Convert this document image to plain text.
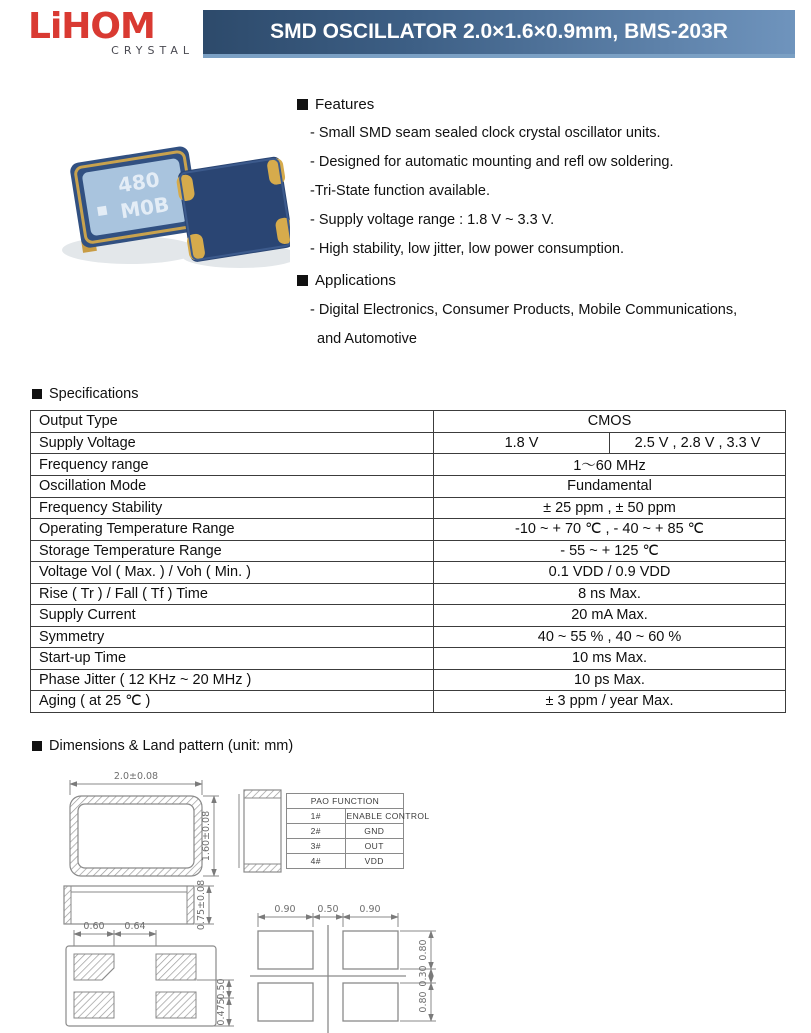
LiHOM
CRYSTAL
SMD OSCILLATOR 2.0×1.6×0.9mm, BMS-203R
480
M0B
Features
- Small SMD seam sealed clock crystal oscillator units.
- Designed for automatic mounting and refl ow soldering.
-Tri-State function available.
- Supply voltage range : 1.8 V ~ 3.3 V.
- High stability, low jitter, low power consumption.
Applications
- Digital Electronics, Consumer Products, Mobile Communications,
and Automotive
Specifications
Output Type	CMOS	
Supply Voltage	1.8 V	2.5 V , 2.8 V , 3.3 V
Frequency range	1～60 MHz	
Oscillation Mode	Fundamental	
Frequency Stability	± 25 ppm , ± 50 ppm	
Operating Temperature Range	-10 ~ + 70 ℃ , - 40 ~ + 85 ℃	
Storage Temperature Range	- 55 ~ + 125 ℃	
Voltage Vol ( Max. ) / Voh ( Min. )	0.1 VDD / 0.9 VDD	
Rise ( Tr ) / Fall ( Tf ) Time	8 ns Max.	
Supply Current	20 mA Max.	
Symmetry	40 ~ 55 % , 40 ~ 60 %	
Start-up Time	10 ms Max.	
Phase Jitter ( 12 KHz ~ 20 MHz )	10 ps Max.	
Aging ( at 25 ℃ )	± 3 ppm / year Max.	
Dimensions & Land pattern (unit: mm)
2.0±0.08
1.60±0.08
PAO FUNCTION	
1#	ENABLE CONTROL
2#	GND
3#	OUT
4#	VDD
0.75±0.08
0.60 0.64
0.50
0.475
0.90 0.50 0.90
0.80
0.30
0.80
